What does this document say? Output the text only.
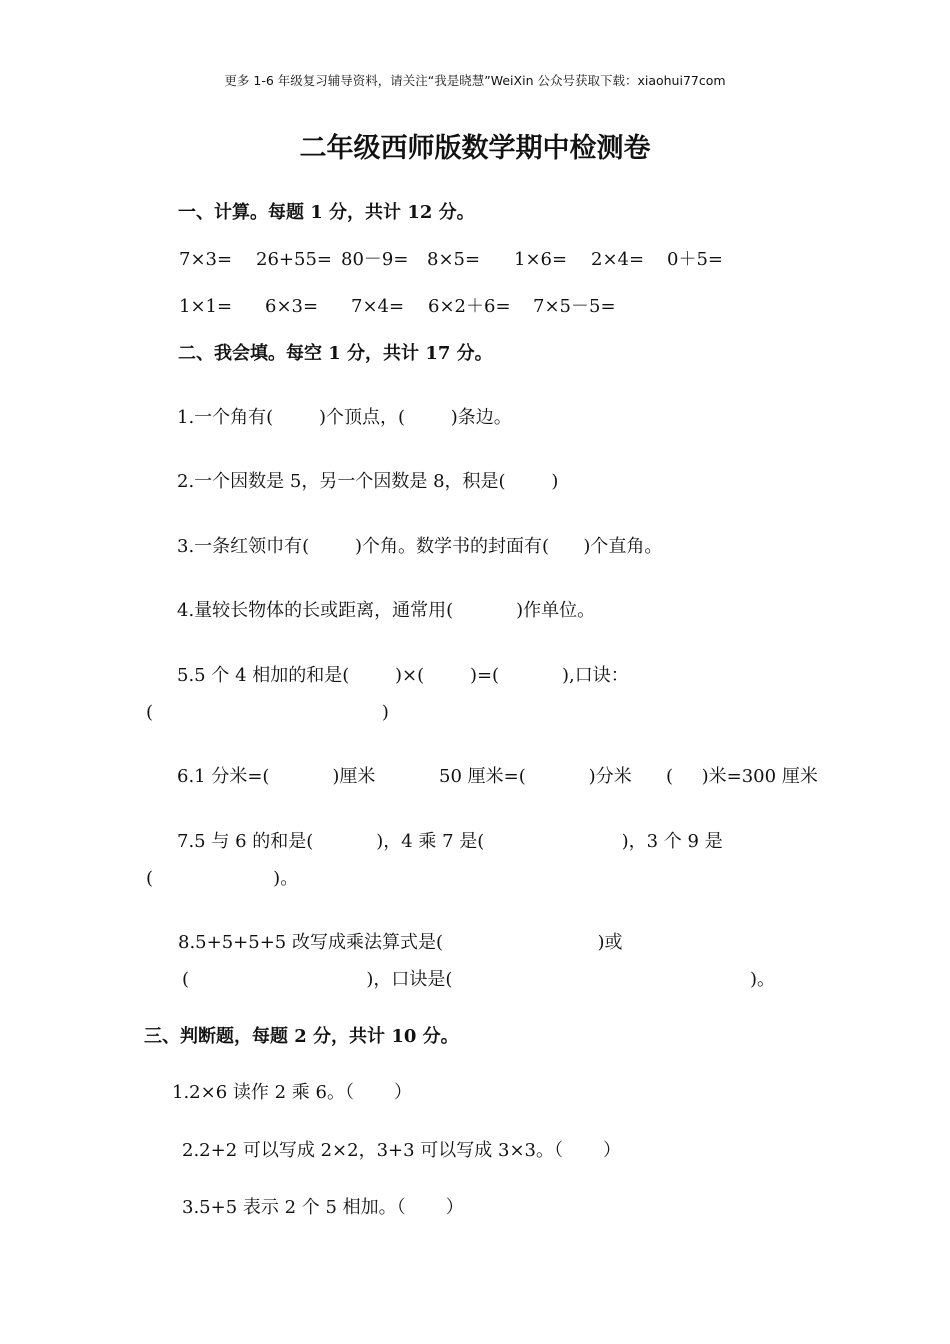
更多 1-6 年级复习辅导资料，请关注“我是晓慧”WeiXin 公众号获取下载：xiaohui77com
二年级西师版数学期中检测卷
一、计算。每题 1 分，共计 12 分。
7×3= 26+55= 80－9= 8×5= 1×6= 2×4= 0＋5=
1×1= 6×3= 7×4= 6×2＋6= 7×5－5=
二、我会填。每空 1 分，共计 17 分。
1.一个角有(        )个顶点，(        )条边。
2.一个因数是 5，另一个因数是 8，积是(        )
3.一条红领巾有(        )个角。数学书的封面有(      )个直角。
4.量较长物体的长或距离，通常用(           )作单位。
5.5 个 4 相加的和是(        )×(        )=(           ),口诀：
(                                        )
6.1 分米=(           )厘米	50 厘米=(           )分米 (     )米=300 厘米
7.5 与 6 的和是(           )，4 乘 7 是(                        )，3 个 9 是
(                     )。
8.5+5+5+5 改写成乘法算式是(                           )或
(                               )，口诀是(                                                    )。
三、判断题，每题 2 分，共计 10 分。
1.2×6 读作 2 乘 6。（       ）
2.2+2 可以写成 2×2，3+3 可以写成 3×3。（       ）
3.5+5 表示 2 个 5 相加。（       ）
